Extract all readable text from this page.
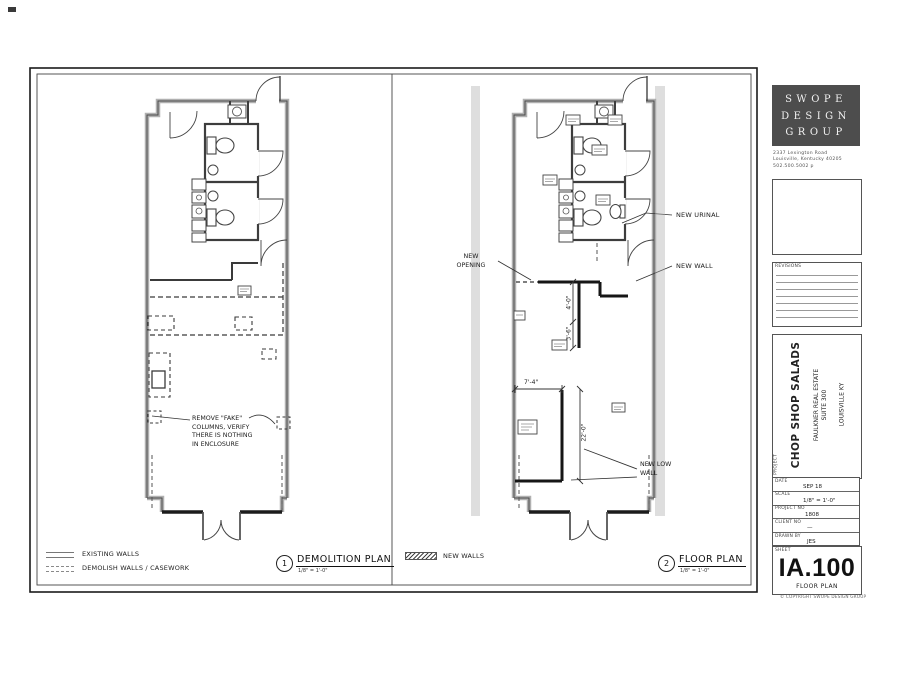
REMOVE "FAKE"
COLUMNS, VERIFY
THERE IS NOTHING
IN ENCLOSURE
NEW URINAL
NEW WALL
NEW
OPENING
NEW LOW
WALL
7'-4"
22'-0"
4'-0"
3'-6"
EXISTING WALLS
DEMOLISH WALLS / CASEWORK
NEW WALLS
1	DEMOLITION PLAN
1/8" = 1'-0"
2	FLOOR PLAN
1/8" = 1'-0"
SWOPE
DESIGN
GROUP
2337 Lexington Road
Louisville, Kentucky 40205
502.500.5002 p
REVISIONS
CHOP SHOP SALADS FAULKNER REAL ESTATE SUITE 300 LOUISVILLE KY
PROJECT
DATE
SEP 18
SCALE
1/8" = 1'-0"
PROJECT NO
1808
CLIENT NO
—
DRAWN BY
JES
SHEET
IA.100
FLOOR PLAN
© COPYRIGHT SWOPE DESIGN GROUP
